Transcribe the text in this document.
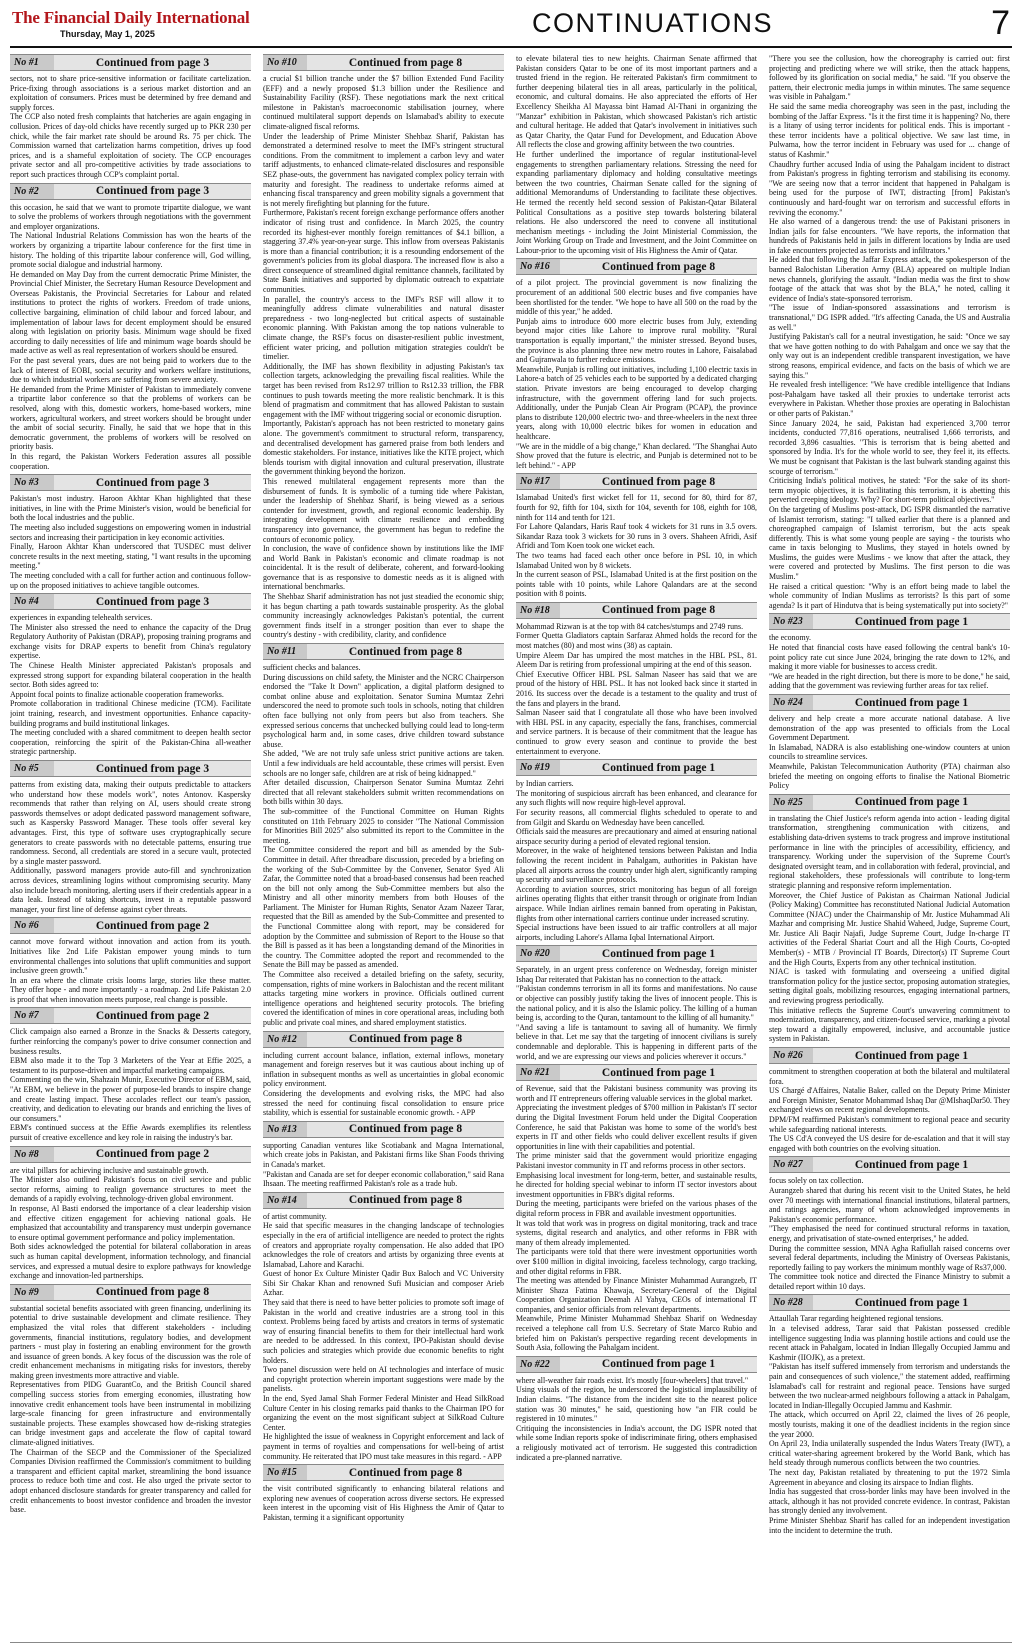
The Financial Daily International
Thursday, May 1, 2025	CONTINUATIONS	7
No #1	Continued from page 3

sectors, not to share price-sensitive information or facilitate cartelization. Price-fixing through associations is a serious market distortion and an exploitation of consumers. Prices must be determined by free demand and supply forces.

The CCP also noted fresh complaints that hatcheries are again engaging in collusion. Prices of day-old chicks have recently surged up to PKR 230 per chick, while the fair market rate should be around Rs. 75 per chick. The Commission warned that cartelization harms competition, drives up food prices, and is a shameful exploitation of society. The CCP encourages private sector and all pro-competitive activities by trade associations to report such practices through CCP's complaint portal.

No #2	Continued from page 3

this occasion, he said that we want to promote tripartite dialogue, we want to solve the problems of workers through negotiations with the government and employer organizations.

The National Industrial Relations Commission has won the hearts of the workers by organizing a tripartite labour conference for the first time in history. The holding of this tripartite labour conference will, God willing, promote social dialogue and industrial harmony.

He demanded on May Day from the current democratic Prime Minister, the Provincial Chief Minister, the Secretary Human Resource Development and Overseas Pakistanis, the Provincial Secretaries for Labour and related institutions to protect the rights of workers. Freedom of trade unions, collective bargaining, elimination of child labour and forced labour, and implementation of labour laws for decent employment should be ensured along with legislation on priority basis. Minimum wage should be fixed according to daily necessities of life and minimum wage boards should be made active as well as real representation of workers should be ensured.

For the past several years, dues are not being paid to workers due to the lack of interest of EOBI, social security and workers welfare institutions, due to which industrial workers are suffering from severe anxiety.

He demanded from the Prime Minister of Pakistan to immediately convene a tripartite labor conference so that the problems of workers can be resolved, along with this, domestic workers, home-based workers, mine workers, agricultural workers, and street workers should be brought under the ambit of social security. Finally, he said that we hope that in this democratic government, the problems of workers will be resolved on priority basis.

In this regard, the Pakistan Workers Federation assures all possible cooperation.

No #3	Continued from page 3

Pakistan's most industry. Haroon Akhtar Khan highlighted that these initiatives, in line with the Prime Minister's vision, would be beneficial for both the local industries and the public.

The meeting also included suggestions on empowering women in industrial sectors and increasing their participation in key economic activities.

Finally, Haroon Akhtar Khan underscored that TUSDEC must deliver concrete results in the next meeting, stating, "I want results in the upcoming meeting."

The meeting concluded with a call for further action and continuous follow-up on the proposed initiatives to achieve tangible outcomes.

No #4	Continued from page 3

experiences in expanding telehealth services.

The Minister also stressed the need to enhance the capacity of the Drug Regulatory Authority of Pakistan (DRAP), proposing training programs and exchange visits for DRAP experts to benefit from China's regulatory expertise.

The Chinese Health Minister appreciated Pakistan's proposals and expressed strong support for expanding bilateral cooperation in the health sector. Both sides agreed to:

Appoint focal points to finalize actionable cooperation frameworks.

Promote collaboration in traditional Chinese medicine (TCM). Facilitate joint training, research, and investment opportunities. Enhance capacity-building programs and build institutional linkages.

The meeting concluded with a shared commitment to deepen health sector cooperation, reinforcing the spirit of the Pakistan-China all-weather strategic partnership.

No #5	Continued from page 3

patterns from existing data, making their outputs predictable to attackers who understand how these models work", notes Antonov. Kaspersky recommends that rather than relying on AI, users should create strong passwords themselves or adopt dedicated password management software, such as Kaspersky Password Manager. These tools offer several key advantages. First, this type of software uses cryptographically secure generators to create passwords with no detectable patterns, ensuring true randomness. Second, all credentials are stored in a secure vault, protected by a single master password.

Additionally, password managers provide auto-fill and synchronization across devices, streamlining logins without compromising security. Many also include breach monitoring, alerting users if their credentials appear in a data leak. Instead of taking shortcuts, invest in a reputable password manager, your first line of defense against cyber threats.

No #6	Continued from page 2

cannot move forward without innovation and action from its youth. Initiatives like 2nd Life Pakistan empower young minds to turn environmental challenges into solutions that uplift communities and support inclusive green growth."

In an era where the climate crisis looms large, stories like these matter. They offer hope - and more importantly - a roadmap. 2nd Life Pakistan 2.0 is proof that when innovation meets purpose, real change is possible.

No #7	Continued from page 2

Click campaign also earned a Bronze in the Snacks & Desserts category, further reinforcing the company's power to drive consumer connection and business results.

EBM also made it to the Top 3 Marketers of the Year at Effie 2025, a testament to its purpose-driven and impactful marketing campaigns.

Commenting on the win, Shahzain Munir, Executive Director of EBM, said, "At EBM, we believe in the power of purpose-led brands to inspire change and create lasting impact. These accolades reflect our team's passion, creativity, and dedication to elevating our brands and enriching the lives of our consumers."

EBM's continued success at the Effie Awards exemplifies its relentless pursuit of creative excellence and key role in raising the industry's bar.

No #8	Continued from page 2

are vital pillars for achieving inclusive and sustainable growth.

The Minister also outlined Pakistan's focus on civil service and public sector reforms, aiming to realign governance structures to meet the demands of a rapidly evolving, technology-driven global environment.

In response, Al Basti endorsed the importance of a clear leadership vision and effective citizen engagement for achieving national goals. He emphasized that accountability and transparency must underpin governance to ensure optimal government performance and policy implementation.

Both sides acknowledged the potential for bilateral collaboration in areas such as human capital development, information technology, and financial services, and expressed a mutual desire to explore pathways for knowledge exchange and innovation-led partnerships.

No #9	Continued from page 8

substantial societal benefits associated with green financing, underlining its potential to drive sustainable development and climate resilience. They emphasized the vital roles that different stakeholders - including governments, financial institutions, regulatory bodies, and development partners - must play in fostering an enabling environment for the growth and issuance of green bonds. A key focus of the discussion was the role of credit enhancement mechanisms in mitigating risks for investors, thereby making green investments more attractive and viable.

Representatives from PIDG GuarantCo, and the British Council shared compelling success stories from emerging economies, illustrating how innovative credit enhancement tools have been instrumental in mobilizing large-scale financing for green infrastructure and environmentally sustainable projects. These examples showcased how de-risking strategies can bridge investment gaps and accelerate the flow of capital toward climate-aligned initiatives.

The Chairman of the SECP and the Commissioner of the Specialized Companies Division reaffirmed the Commission's commitment to building a transparent and efficient capital market, streamlining the bond issuance process to reduce both time and cost. He also urged the private sector to adopt enhanced disclosure standards for greater transparency and called for credit enhancements to boost investor confidence and broaden the investor base.

No #10	Continued from page 8

a crucial $1 billion tranche under the $7 billion Extended Fund Facility (EFF) and a newly proposed $1.3 billion under the Resilience and Sustainability Facility (RSF). These negotiations mark the next critical milestone in Pakistan's macroeconomic stabilisation journey, where continued multilateral support depends on Islamabad's ability to execute climate-aligned fiscal reforms.

Under the leadership of Prime Minister Shehbaz Sharif, Pakistan has demonstrated a determined resolve to meet the IMF's stringent structural conditions. From the commitment to implement a carbon levy and water tariff adjustments, to enhanced climate-related disclosures and responsible SEZ phase-outs, the government has navigated complex policy terrain with maturity and foresight. The readiness to undertake reforms aimed at enhancing fiscal transparency and green mobility signals a government that is not merely firefighting but planning for the future.

Furthermore, Pakistan's recent foreign exchange performance offers another indicator of rising trust and confidence. In March 2025, the country recorded its highest-ever monthly foreign remittances of $4.1 billion, a staggering 37.4% year-on-year surge. This inflow from overseas Pakistanis is more than a financial contribution; it is a resounding endorsement of the government's policies from its global diaspora. The increased flow is also a direct consequence of streamlined digital remittance channels, facilitated by State Bank initiatives and supported by diplomatic outreach to expatriate communities.

In parallel, the country's access to the IMF's RSF will allow it to meaningfully address climate vulnerabilities and natural disaster preparedness - two long-neglected but critical aspects of sustainable economic planning. With Pakistan among the top nations vulnerable to climate change, the RSF's focus on disaster-resilient public investment, efficient water pricing, and pollution mitigation strategies couldn't be timelier.

Additionally, the IMF has shown flexibility in adjusting Pakistan's tax collection targets, acknowledging the prevailing fiscal realities. While the target has been revised from Rs12.97 trillion to Rs12.33 trillion, the FBR continues to push towards meeting the more realistic benchmark. It is this blend of pragmatism and commitment that has allowed Pakistan to sustain engagement with the IMF without triggering social or economic disruption.

Importantly, Pakistan's approach has not been restricted to monetary gains alone. The government's commitment to structural reform, transparency, and decentralised development has garnered praise from both lenders and domestic stakeholders. For instance, initiatives like the KITE project, which blends tourism with digital innovation and cultural preservation, illustrate the government thinking beyond the horizon.

This renewed multilateral engagement represents more than the disbursement of funds. It is symbolic of a turning tide where Pakistan, under the leadership of Shehbaz Sharif, is being viewed as a serious contender for investment, growth, and regional economic leadership. By integrating development with climate resilience and embedding transparency into governance, the government has begun to redefine the contours of economic policy.

In conclusion, the wave of confidence shown by institutions like the IMF and World Bank in Pakistan's economic and climate roadmap is not coincidental. It is the result of deliberate, coherent, and forward-looking governance that is as responsive to domestic needs as it is aligned with international benchmarks.

The Shehbaz Sharif administration has not just steadied the economic ship; it has begun charting a path towards sustainable prosperity. As the global community increasingly acknowledges Pakistan's potential, the current government finds itself in a stronger position than ever to shape the country's destiny - with credibility, clarity, and confidence

No #11	Continued from page 8

sufficient checks and balances.

During discussions on child safety, the Minister and the NCRC Chairperson endorsed the "Take It Down" application, a digital platform designed to combat online abuse and exploitation. Senator Sumina Mumtaz Zehri underscored the need to promote such tools in schools, noting that children often face bullying not only from peers but also from teachers. She expressed serious concerns that unchecked bullying could lead to long-term psychological harm and, in some cases, drive children toward substance abuse.

She added, "We are not truly safe unless strict punitive actions are taken. Until a few individuals are held accountable, these crimes will persist. Even schools are no longer safe, children are at risk of being kidnapped."

After detailed discussion, Chairperson Senator Sumina Mumtaz Zehri directed that all relevant stakeholders submit written recommendations on both bills within 30 days.

The sub-committee of the Functional Committee on Human Rights constituted on 11th February 2025 to consider "The National Commission for Minorities Bill 2025" also submitted its report to the Committee in the meeting.

The Committee considered the report and bill as amended by the Sub-Committee in detail. After threadbare discussion, preceded by a briefing on the working of the Sub-Committee by the Convener, Senator Syed Ali Zafar, the Committee noted that a broad-based consensus had been reached on the bill not only among the Sub-Committee members but also the Ministry and all other minority members from both Houses of the Parliament. The Minister for Human Rights, Senator Azam Nazeer Tarar, requested that the Bill as amended by the Sub-Committee and presented to the Functional Committee along with report, may be considered for adoption by the Committee and submission of Report to the House so that the Bill is passed as it has been a longstanding demand of the Minorities in the country. The Committee adopted the report and recommended to the Senate the Bill may be passed as amended.

The Committee also received a detailed briefing on the safety, security, compensation, rights of mine workers in Balochistan and the recent militant attacks targeting mine workers in province. Officials outlined current intelligence operations and heightened security protocols. The briefing covered the identification of mines in core operational areas, including both public and private coal mines, and shared employment statistics.

No #12	Continued from page 8

including current account balance, inflation, external inflows, monetary management and foreign reserves but it was cautious about inching up of inflation in subsequent months as well as uncertainties in global economic policy environment.

Considering the developments and evolving risks, the MPC had also stressed the need for continuing fiscal consolidation to ensure price stability, which is essential for sustainable economic growth. - APP

No #13	Continued from page 8

supporting Canadian ventures like Scotiabank and Magna International, which create jobs in Pakistan, and Pakistani firms like Shan Foods thriving in Canada's market.

"Pakistan and Canada are set for deeper economic collaboration," said Rana Ihsaan. The meeting reaffirmed Pakistan's role as a trade hub.

No #14	Continued from page 8

of artist community.

He said that specific measures in the changing landscape of technologies especially in the era of artificial intelligence are needed to protect the rights of creators and appropriate royalty compensation. He also added that IPO acknowledges the role of creators and artists by organizing three events at Islamabad, Lahore and Karachi.

Guest of honor Ex Culture Minister Qadir Bux Baloch and VC University Sibi Sir Chakar Khan and renowned Sufi Musician and composer Arieb Azhar.

They said that there is need to have better policies to promote soft image of Pakistan in the world and creative industries are a strong tool in this context. Problems being faced by artists and creators in terms of systematic way of ensuring financial benefits to them for their intellectual hard work are needed to be addressed. In this context, IPO-Pakistan should devise such policies and strategies which provide due economic benefits to right holders.

Two panel discussion were held on AI technologies and interface of music and copyright protection wherein important suggestions were made by the panelists.

In the end, Syed Jamal Shah Former Federal Minister and Head SilkRoad Culture Center in his closing remarks paid thanks to the Chairman IPO for organizing the event on the most significant subject at SilkRoad Culture Center.

He highlighted the issue of weakness in Copyright enforcement and lack of payment in terms of royalties and compensations for well-being of artist community. He reiterated that IPO must take measures in this regard. - APP

No #15	Continued from page 8

the visit contributed significantly to enhancing bilateral relations and exploring new avenues of cooperation across diverse sectors. He expressed keen interest in the upcoming visit of His Highness the Amir of Qatar to Pakistan, terming it a significant opportunity

to elevate bilateral ties to new heights. Chairman Senate affirmed that Pakistan considers Qatar to be one of its most important partners and a trusted friend in the region. He reiterated Pakistan's firm commitment to further deepening bilateral ties in all areas, particularly in the political, economic, and cultural domains. He also appreciated the efforts of Her Excellency Sheikha Al Mayassa bint Hamad Al-Thani in organizing the "Manzar" exhibition in Pakistan, which showcased Pakistan's rich artistic and cultural heritage. He added that Qatar's involvement in initiatives such as Qatar Charity, the Qatar Fund for Development, and Education Above All reflects the close and growing affinity between the two countries.

He further underlined the importance of regular institutional-level engagements to strengthen parliamentary relations. Stressing the need for expanding parliamentary diplomacy and holding consultative meetings between the two countries, Chairman Senate called for the signing of additional Memorandums of Understanding to facilitate these objectives. He termed the recently held second session of Pakistan-Qatar Bilateral Political Consultations as a positive step towards bolstering bilateral relations. He also underscored the need to convene all institutional mechanism meetings - including the Joint Ministerial Commission, the Joint Working Group on Trade and Investment, and the Joint Committee on Labour-prior to the upcoming visit of His Highness the Amir of Qatar.

No #16	Continued from page 8

of a pilot project. The provincial government is now finalizing the procurement of an additional 500 electric buses and five companies have been shortlisted for the tender. "We hope to have all 500 on the road by the middle of this year," he added.

Punjab aims to introduce 600 more electric buses from July, extending beyond major cities like Lahore to improve rural mobility. "Rural transportation is equally important," the minister stressed. Beyond buses, the province is also planning three new metro routes in Lahore, Faisalabad and Gujranwala to further reduce emissions.

Meanwhile, Punjab is rolling out initiatives, including 1,100 electric taxis in Lahore-a batch of 25 vehicles each to be supported by a dedicated charging station. Private investors are being encouraged to develop charging infrastructure, with the government offering land for such projects. Additionally, under the Punjab Clean Air Program (PCAP), the province plans to distribute 120,000 electric two- and three-wheelers in the next three years, along with 10,000 electric bikes for women in education and healthcare.

"We are in the middle of a big change," Khan declared. "The Shanghai Auto Show proved that the future is electric, and Punjab is determined not to be left behind." - APP

No #17	Continued from page 8

Islamabad United's first wicket fell for 11, second for 80, third for 87, fourth for 92, fifth for 104, sixth for 104, seventh for 108, eighth for 108, ninth for 114 and tenth for 121.

For Lahore Qalandars, Haris Rauf took 4 wickets for 31 runs in 3.5 overs. Sikandar Raza took 3 wickets for 30 runs in 3 overs. Shaheen Afridi, Asif Afridi and Tom Koen took one wicket each.

The two teams had faced each other once before in PSL 10, in which Islamabad United won by 8 wickets.

In the current season of PSL, Islamabad United is at the first position on the points table with 10 points, while Lahore Qalandars are at the second position with 8 points.

No #18	Continued from page 8

Mohammad Rizwan is at the top with 84 catches/stumps and 2749 runs.

Former Quetta Gladiators captain Sarfaraz Ahmed holds the record for the most matches (80) and most wins (38) as captain.

Umpire Aleem Dar has umpired the most matches in the HBL PSL, 81. Aleem Dar is retiring from professional umpiring at the end of this season.

Chief Executive Officer HBL PSL Salman Naseer has said that we are proud of the history of HBL PSL. It has not looked back since it started in 2016. Its success over the decade is a testament to the quality and trust of the fans and players in the brand.

Salman Naseer said that I congratulate all those who have been involved with HBL PSL in any capacity, especially the fans, franchises, commercial and service partners. It is because of their commitment that the league has continued to grow every season and continue to provide the best entertainment to everyone.

No #19	Continued from page 1

by Indian carriers.

The monitoring of suspicious aircraft has been enhanced, and clearance for any such flights will now require high-level approval.

For security reasons, all commercial flights scheduled to operate to and from Gilgit and Skardu on Wednesday have been cancelled.

Officials said the measures are precautionary and aimed at ensuring national airspace security during a period of elevated regional tension.

Moreover, in the wake of heightened tensions between Pakistan and India following the recent incident in Pahalgam, authorities in Pakistan have placed all airports across the country under high alert, significantly ramping up security and surveillance protocols.

According to aviation sources, strict monitoring has begun of all foreign airlines operating flights that either transit through or originate from Indian airspace. While Indian airlines remain banned from operating in Pakistan, flights from other international carriers continue under increased scrutiny.

Special instructions have been issued to air traffic controllers at all major airports, including Lahore's Allama Iqbal International Airport.

No #20	Continued from page 1

Separately, in an urgent press conference on Wednesday, foreign minister Ishaq Dar reiterated that Pakistan has no connection to the attack.

"Pakistan condemns terrorism in all its forms and manifestations. No cause or objective can possibly justify taking the lives of innocent people. This is the national policy, and it is also the Islamic policy. The killing of a human being is, according to the Quran, tantamount to the killing of all humanity."

"And saving a life is tantamount to saving all of humanity. We firmly believe in that. Let me say that the targeting of innocent civilians is surely condemnable and deplorable. This is happening in different parts of the world, and we are expressing our views and policies wherever it occurs."

No #21	Continued from page 1

of Revenue, said that the Pakistani business community was proving its worth and IT entrepreneurs offering valuable services in the global market.

Appreciating the investment pledges of $700 million in Pakistan's IT sector during the Digital Investment Forum held under the Digital Cooperation Conference, he said that Pakistan was home to some of the world's best experts in IT and other fields who could deliver excellent results if given opportunities in line with their capabilities and potential.

The prime minister said that the government would prioritize engaging Pakistani investor community in IT and reforms process in other sectors.

Emphasising local investment for long-term, better, and sustainable results, he directed for holding special webinar to inform IT sector investors about investment opportunities in FBR's digital reforms.

During the meeting, participants were briefed on the various phases of the digital reform process in FBR and available investment opportunities.

It was told that work was in progress on digital monitoring, track and trace systems, digital research and analytics, and other reforms in FBR with many of them already implemented.

The participants were told that there were investment opportunities worth over $100 million in digital invoicing, faceless technology, cargo tracking, and other digital reforms in FBR.

The meeting was attended by Finance Minister Muhammad Aurangzeb, IT Minister Shaza Fatima Khawaja, Secretary-General of the Digital Cooperation Organization Deemah Al Yahya, CEOs of international IT companies, and senior officials from relevant departments.

Meanwhile, Prime Minister Muhammad Shehbaz Sharif on Wednesday received a telephone call from U.S. Secretary of State Marco Rubio and briefed him on Pakistan's perspective regarding recent developments in South Asia, following the Pahalgam incident.

No #22	Continued from page 1

where all-weather fair roads exist. It's mostly [four-wheelers] that travel."

Using visuals of the region, he underscored the logistical implausibility of Indian claims. "The distance from the incident site to the nearest police station was 30 minutes," he said, questioning how "an FIR could be registered in 10 minutes."

Critiquing the inconsistencies in India's account, the DG ISPR noted that while some Indian reports spoke of indiscriminate firing, others emphasised a religiously motivated act of terrorism. He suggested this contradiction indicated a pre-planned narrative.

"There you see the collusion, how the choreography is carried out: first projecting and predicting where we will strike, then the attack happens, followed by its glorification on social media," he said. "If you observe the pattern, their electronic media jumps in within minutes. The same sequence was visible in Pahalgam."

He said the same media choreography was seen in the past, including the bombing of the Jaffar Express. "Is it the first time it is happening? No, there is a litany of using terror incidents for political ends. This is important - these terror incidents have a political objective. We saw last time, in Pulwama, how the terror incident in February was used for ... change of status of Kashmir."

Chaudhry further accused India of using the Pahalgam incident to distract from Pakistan's progress in fighting terrorism and stabilising its economy. "We are seeing now that a terror incident that happened in Pahalgam is being used for the purpose of IWT, distracting [from] Pakistan's continuously and hard-fought war on terrorism and successful efforts in reviving the economy."

He also warned of a dangerous trend: the use of Pakistani prisoners in Indian jails for false encounters. "We have reports, the information that hundreds of Pakistanis held in jails in different locations by India are used in fake encounters projected as terrorists and infiltrators."

He added that following the Jaffar Express attack, the spokesperson of the banned Balochistan Liberation Army (BLA) appeared on multiple Indian news channels, glorifying the assault. "Indian media was the first to show footage of the attack that was shot by the BLA," he noted, calling it evidence of India's state-sponsored terrorism.

"The issue of Indian-sponsored assassinations and terrorism is transnational," DG ISPR added. "It's affecting Canada, the US and Australia as well."

Justifying Pakistan's call for a neutral investigation, he said: "Once we say that we have gotten nothing to do with Pahalgam and once we say that the only way out is an independent credible transparent investigation, we have strong reasons, empirical evidence, and facts on the basis of which we are saying this."

He revealed fresh intelligence: "We have credible intelligence that Indians post-Pahalgam have tasked all their proxies to undertake terrorist acts everywhere in Pakistan. Whether those proxies are operating in Balochistan or other parts of Pakistan."

Since January 2024, he said, Pakistan had experienced 3,700 terror incidents, conducted 77,816 operations, neutralised 1,666 terrorists, and recorded 3,896 casualties. "This is terrorism that is being abetted and sponsored by India. It's for the whole world to see, they feel it, its effects. We must be cognisant that Pakistan is the last bulwark standing against this scourge of terrorism."

Criticising India's political motives, he stated: "For the sake of its short-term myopic objectives, it is facilitating this terrorism, it is abetting this perverted creeping ideology. Why? For short-term political objectives."

On the targeting of Muslims post-attack, DG ISPR dismantled the narrative of Islamist terrorism, stating: "I talked earlier that there is a planned and choreographed campaign of Islamist terrorism, but the acts speak differently. This is what some young people are saying - the tourists who came in taxis belonging to Muslims, they stayed in hotels owned by Muslims, the guides were Muslims - we know that after the attack, they were covered and protected by Muslims. The first person to die was Muslim."

He raised a critical question: "Why is an effort being made to label the whole community of Indian Muslims as terrorists? Is this part of some agenda? Is it part of Hindutva that is being systematically put into society?"

No #23	Continued from page 1

the economy.

He noted that financial costs have eased following the central bank's 10-point policy rate cut since June 2024, bringing the rate down to 12%, and making it more viable for businesses to access credit.

"We are headed in the right direction, but there is more to be done," he said, adding that the government was reviewing further areas for tax relief.

No #24	Continued from page 1

delivery and help create a more accurate national database. A live demonstration of the app was presented to officials from the Local Government Department.

In Islamabad, NADRA is also establishing one-window counters at union councils to streamline services.

Meanwhile, Pakistan Telecommunication Authority (PTA) chairman also briefed the meeting on ongoing efforts to finalise the National Biometric Policy

No #25	Continued from page 1

in translating the Chief Justice's reform agenda into action - leading digital transformation, strengthening communication with citizens, and establishing data-driven systems to track progress and improve institutional performance in line with the principles of accessibility, efficiency, and transparency. Working under the supervision of the Supreme Court's designated oversight team, and in collaboration with federal, provincial, and regional stakeholders, these professionals will contribute to long-term strategic planning and responsive reform implementation.

Moreover, the Chief Justice of Pakistan as Chairman National Judicial (Policy Making) Committee has reconstituted National Judicial Automation Committee (NJAC) under the Chairmanship of Mr. Justice Muhammad Ali Mazhar and comprising Mr. Justice Shahid Waheed, Judge, Supreme Court, Mr. Justice Ali Baqir Najafi, Judge Supreme Court, Judge In-charge IT activities of the Federal Shariat Court and all the High Courts, Co-opted Member(s) - MTB / Provincial IT Boards, Director(s) IT Supreme Court and the High Courts, Experts from any other technical institution.

NJAC is tasked with formulating and overseeing a unified digital transformation policy for the justice sector, proposing automation strategies, setting digital goals, mobilizing resources, engaging international partners, and reviewing progress periodically.

This initiative reflects the Supreme Court's unwavering commitment to modernization, transparency, and citizen-focused service, marking a pivotal step toward a digitally empowered, inclusive, and accountable justice system in Pakistan.

No #26	Continued from page 1

commitment to strengthen cooperation at both the bilateral and multilateral fora.

US Chargé d'Affaires, Natalie Baker, called on the Deputy Prime Minister and Foreign Minister, Senator Mohammad Ishaq Dar @MIshaqDar50. They exchanged views on recent regional developments.

DPM/FM reaffirmed Pakistan's commitment to regional peace and security while safeguarding national interests.

The US Cd'A conveyed the US desire for de-escalation and that it will stay engaged with both countries on the evolving situation.

No #27	Continued from page 1

focus solely on tax collection.

Aurangzeb shared that during his recent visit to the United States, he held over 70 meetings with international financial institutions, bilateral partners, and ratings agencies, many of whom acknowledged improvements in Pakistan's economic performance.

"They emphasised the need for continued structural reforms in taxation, energy, and privatisation of state-owned enterprises," he added.

During the committee session, MNA Agha Rafiullah raised concerns over several federal departments, including the Ministry of Overseas Pakistanis, reportedly failing to pay workers the minimum monthly wage of Rs37,000.

The committee took notice and directed the Finance Ministry to submit a detailed report within 10 days.

No #28	Continued from page 1

Attaullah Tarar regarding heightened regional tensions.

In a televised address, Tarar said that Pakistan possessed credible intelligence suggesting India was planning hostile actions and could use the recent attack in Pahalgam, located in Indian Illegally Occupied Jammu and Kashmir (IIOJK), as a pretext.

"Pakistan has itself suffered immensely from terrorism and understands the pain and consequences of such violence," the statement added, reaffirming Islamabad's call for restraint and regional peace. Tensions have surged between the two nuclear-armed neighbours following a attack in Pahalgam, located in Indian-Illegally Occupied Jammu and Kashmir.

The attack, which occurred on April 22, claimed the lives of 26 people, mostly tourists, making it one of the deadliest incidents in the region since the year 2000.

On April 23, India unilaterally suspended the Indus Waters Treaty (IWT), a critical water-sharing agreement brokered by the World Bank, which has held steady through numerous conflicts between the two countries.

The next day, Pakistan retaliated by threatening to put the 1972 Simla Agreement in abeyance and closing its airspace to Indian flights.

India has suggested that cross-border links may have been involved in the attack, although it has not provided concrete evidence. In contrast, Pakistan has strongly denied any involvement.

Prime Minister Shehbaz Sharif has called for an independent investigation into the incident to determine the truth.
